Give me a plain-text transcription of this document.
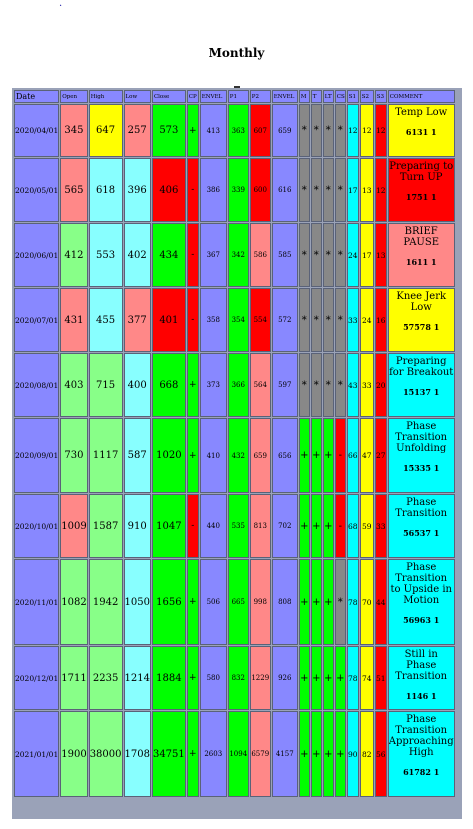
.
Monthly
Date	Open	High	Low	Close	CP	ENVEL	P1	P2	ENVEL	M	T	LT	CS	S1	S2	S3	COMMENT
2020/04/01	345	647	257	573	+	413	363	607	659	*	*	*	*	12	12	12	Temp Low
6131 1

2020/05/01	565	618	396	406	-	386	339	600	616	*	*	*	*	17	13	12	Preparing to Turn UP
1751 1

2020/06/01	412	553	402	434	-	367	342	586	585	*	*	*	*	24	17	13	BRIEF PAUSE
1611 1

2020/07/01	431	455	377	401	-	358	354	554	572	*	*	*	*	33	24	16	Knee Jerk Low
57578 1

2020/08/01	403	715	400	668	+	373	366	564	597	*	*	*	*	43	33	20	Preparing for Breakout
15137 1

2020/09/01	730	1117	587	1020	+	410	432	659	656	+	+	+	-	66	47	27	Phase Transition Unfolding
15335 1

2020/10/01	1009	1587	910	1047	-	440	535	813	702	+	+	+	-	68	59	33	Phase Transition
56537 1

2020/11/01	1082	1942	1050	1656	+	506	665	998	808	+	+	+	*	78	70	44	Phase Transition to Upside in Motion
56963 1

2020/12/01	1711	2235	1214	1884	+	580	832	1229	926	+	+	+	+	78	74	51	Still in Phase Transition
1146 1

2021/01/01	1900	38000	1708	34751	+	2603	1094	6579	4157	+	+	+	+	90	82	56	Phase Transition Approaching High
61782 1
